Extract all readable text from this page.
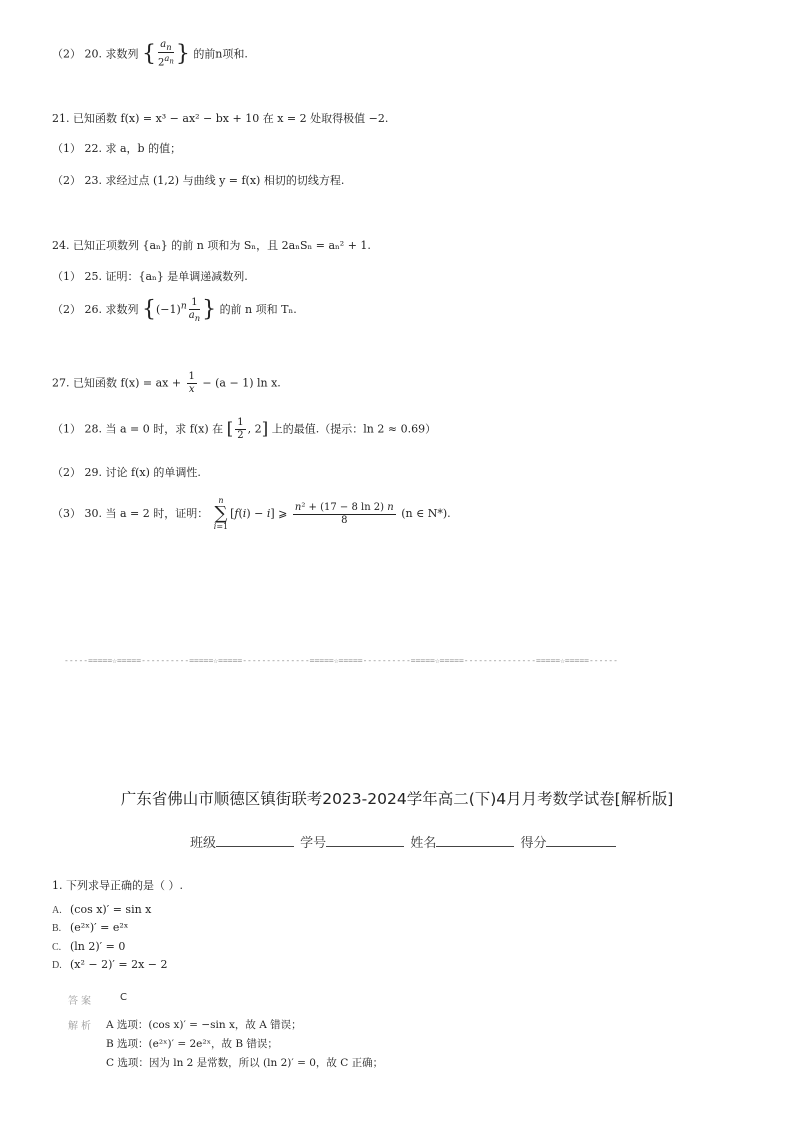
（2） 20. 求数列 { $\frac{a_n}{2^{a_n}}$ } 的前n项和.
21. 已知函数 f(x) = x³ − ax² − bx + 10 在 x = 2 处取得极值 −2.
（1） 22. 求 a，b 的值；
（2） 23. 求经过点 (1,2) 与曲线 y = f(x) 相切的切线方程.
24. 已知正项数列 {aₙ} 的前 n 项和为 Sₙ，且 2aₙSₙ = aₙ² + 1.
（1） 25. 证明：{aₙ} 是单调递减数列.
（2） 26. 求数列 {$(-1)^n \frac{1}{a_n}$ } 的前 n 项和 Tₙ.
27. 已知函数 f(x) = ax + $\frac{1}{x} - (a - 1)$ ln x.
（1） 28. 当 a = 0 时，求 f(x) 在 [ $\frac{1}{2}$ , 2] 上的最值.（提示：ln 2 ≈ 0.69）
（2） 29. 讨论 f(x) 的单调性.
（3） 30. 当 a = 2 时，证明：
n
∑
i=1
[f(i) − i] ⩾ $\frac{\text{n² + (17 − 8 ln 2) n}}{8} (n$ ∈ N*).
-----=====☆=====----------=====☆=====--------------=====☆=====----------=====☆=====---------------=====☆=====------
广东省佛山市顺德区镇街联考2023-2024学年高二(下)4月月考数学试卷[解析版]
班级	学号	姓名	得分
1. 下列求导正确的是（ ）.
A. (cos x)′ = sin x
B. (e²ˣ)′ = e²ˣ
C. (ln 2)′ = 0
D. (x² − 2)′ = 2x − 2
答案	C
解析 A 选项：(cos x)′ = −sin x，故 A 错误；
B 选项：(e²ˣ)′ = 2e²ˣ，故 B 错误；
C 选项：因为 ln 2 是常数，所以 (ln 2)′ = 0，故 C 正确；
